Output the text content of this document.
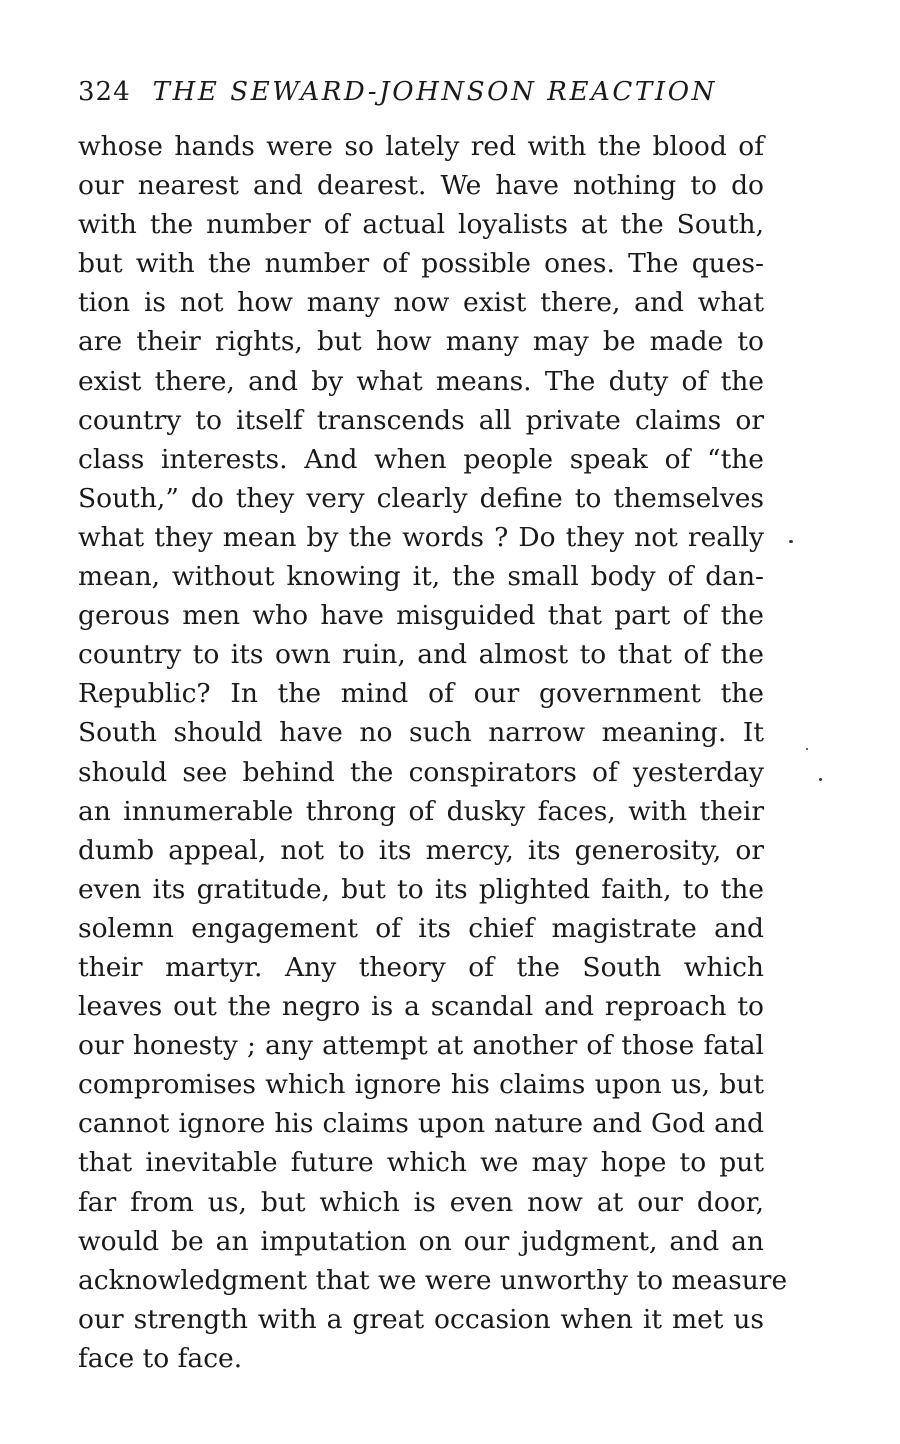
324 THE SEWARD-JOHNSON REACTION
whose hands were so lately red with the blood of
our nearest and dearest. We have nothing to do
with the number of actual loyalists at the South,
but with the number of possible ones. The ques-
tion is not how many now exist there, and what
are their rights, but how many may be made to
exist there, and by what means. The duty of the
country to itself transcends all private claims or
class interests. And when people speak of “the
South,” do they very clearly define to themselves
what they mean by the words ? Do they not really
mean, without knowing it, the small body of dan-
gerous men who have misguided that part of the
country to its own ruin, and almost to that of the
Republic? In the mind of our government the
South should have no such narrow meaning. It
should see behind the conspirators of yesterday
an innumerable throng of dusky faces, with their
dumb appeal, not to its mercy, its generosity, or
even its gratitude, but to its plighted faith, to the
solemn engagement of its chief magistrate and
their martyr. Any theory of the South which
leaves out the negro is a scandal and reproach to
our honesty ; any attempt at another of those fatal
compromises which ignore his claims upon us, but
cannot ignore his claims upon nature and God and
that inevitable future which we may hope to put
far from us, but which is even now at our door,
would be an imputation on our judgment, and an
acknowledgment that we were unworthy to measure
our strength with a great occasion when it met us
face to face.
